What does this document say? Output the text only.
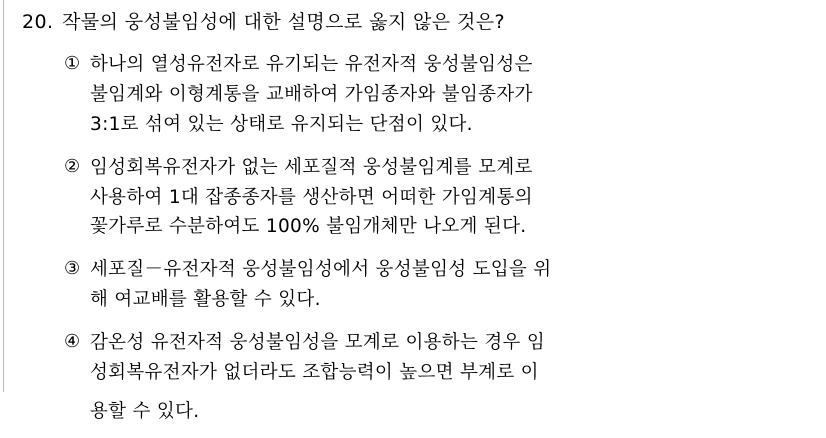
20. 작물의 웅성불임성에 대한 설명으로 옳지 않은 것은?
① 하나의 열성유전자로 유기되는 유전자적 웅성불임성은
불임계와 이형계통을 교배하여 가임종자와 불임종자가
3:1로 섞여 있는 상태로 유지되는 단점이 있다.
② 임성회복유전자가 없는 세포질적 웅성불임계를 모계로
사용하여 1대 잡종종자를 생산하면 어떠한 가임계통의
꽃가루로 수분하여도 100% 불임개체만 나오게 된다.
③ 세포질－유전자적 웅성불임성에서 웅성불임성 도입을 위
해 여교배를 활용할 수 있다.
④ 감온성 유전자적 웅성불임성을 모계로 이용하는 경우 임
성회복유전자가 없더라도 조합능력이 높으면 부계로 이
용할 수 있다.
